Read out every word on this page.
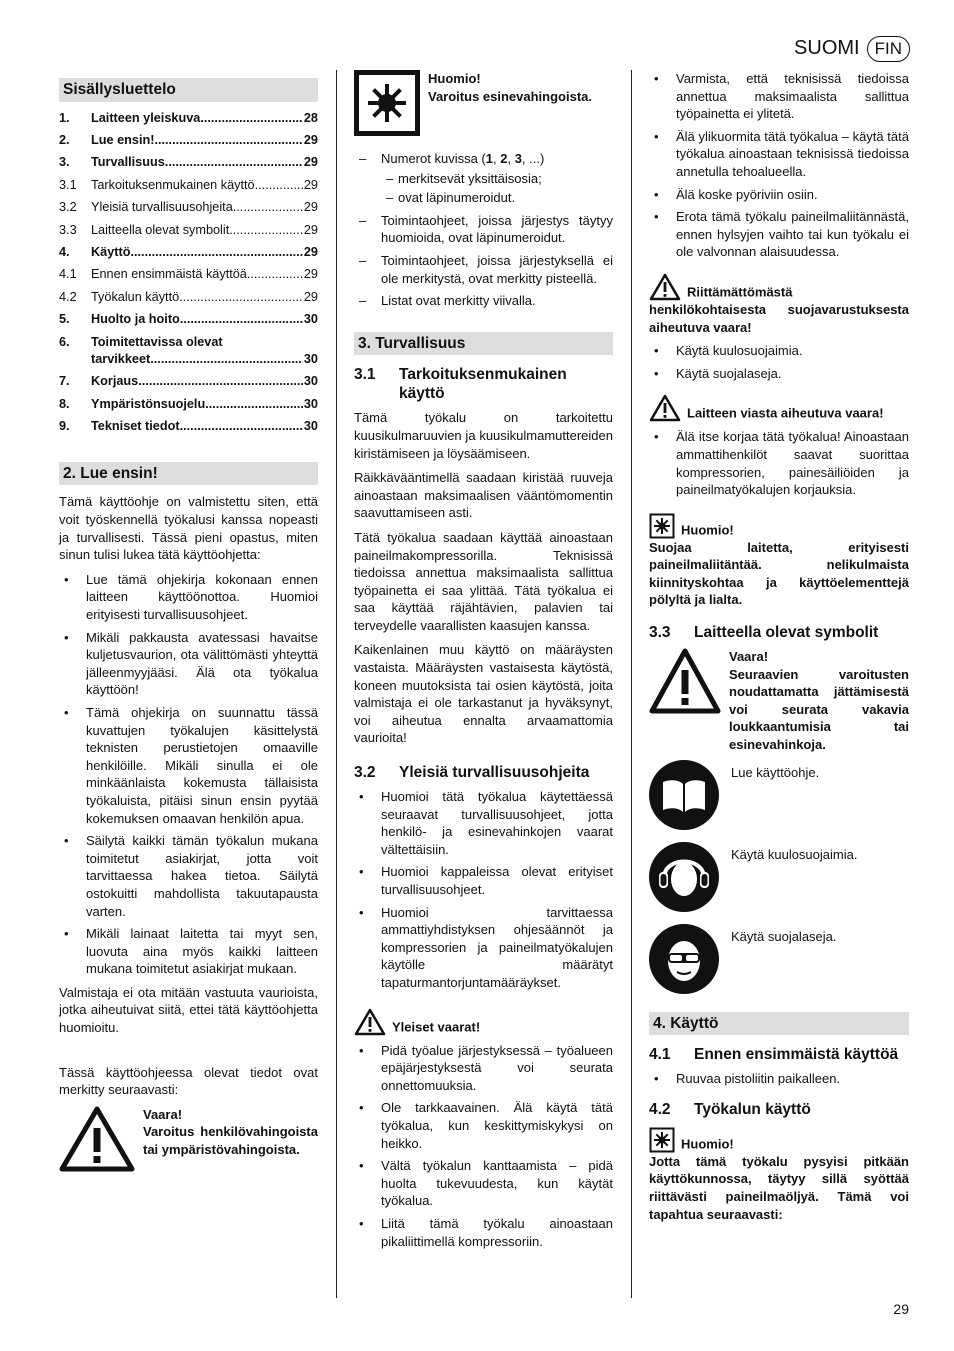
SUOMI FIN
Sisällysluettelo
1.	Laitteen yleiskuva .....	28
2.	Lue ensin! .....	29
3.	Turvallisuus .....	29
3.1	Tarkoituksenmukainen käyttö .....	29
3.2	Yleisiä turvallisuusohjeita .....	29
3.3	Laitteella olevat symbolit .....	29
4.	Käyttö .....	29
4.1	Ennen ensimmäistä käyttöä .....	29
4.2	Työkalun käyttö .....	29
5.	Huolto ja hoito .....	30
6.	Toimitettavissa olevat
tarvikkeet .....	30
7.	Korjaus .....	30
8.	Ympäristönsuojelu .....	30
9.	Tekniset tiedot .....	30
2. Lue ensin!

Tämä käyttöohje on valmistettu siten, että voit työskennellä työkalusi kanssa nopeasti ja turvallisesti. Tässä pieni opastus, miten sinun tulisi lukea tätä käyttöohjetta:

• Lue tämä ohjekirja kokonaan ennen laitteen käyttöönottoa. Huomioi erityisesti turvallisuusohjeet.
• Mikäli pakkausta avatessasi havaitse kuljetusvaurion, ota välittömästi yhteyttä jälleenmyyjääsi. Älä ota työkalua käyttöön!
• Tämä ohjekirja on suunnattu tässä kuvattujen työkalujen käsittelystä teknisten perustietojen omaaville henkilöille. Mikäli sinulla ei ole minkäänlaista kokemusta tällaisista työkaluista, pitäisi sinun ensin pyytää kokemuksen omaavan henkilön apua.
• Säilytä kaikki tämän työkalun mukana toimitetut asiakirjat, jotta voit tarvittaessa hakea tietoa. Säilytä ostokuitti mahdollista takuutapausta varten.
• Mikäli lainaat laitetta tai myyt sen, luovuta aina myös kaikki laitteen mukana toimitetut asiakirjat mukaan.

Valmistaja ei ota mitään vastuuta vaurioista, jotka aiheutuivat siitä, ettei tätä käyttöohjetta huomioitu.

Tässä käyttöohjeessa olevat tiedot ovat merkitty seuraavasti:

Vaara!
Varoitus henkilövahingoista tai ympäristövahingoista.
Huomio!
Varoitus esinevahingoista.
– Numerot kuvissa (1, 2, 3, ...)
– merkitsevät yksittäisosia;
– ovat läpinumeroidut.
– Toimintaohjeet, joissa järjestys täytyy huomioida, ovat läpinumeroidut.
– Toimintaohjeet, joissa järjestyksellä ei ole merkitystä, ovat merkitty pisteellä.
– Listat ovat merkitty viivalla.
3. Turvallisuus
3.1	Tarkoituksenmukainen käyttö

Tämä työkalu on tarkoitettu kuusikulmaruuvien ja kuusikulmamuttereiden kiristämiseen ja löysäämiseen.

Räikkävääntimellä saadaan kiristää ruuveja ainoastaan maksimaalisen vääntömomentin saavuttamiseen asti.

Tätä työkalua saadaan käyttää ainoastaan paineilmakompressorilla. Teknisissä tiedoissa annettua maksimaalista sallittua työpainetta ei saa ylittää. Tätä työkalua ei saa käyttää räjähtävien, palavien tai terveydelle vaarallisten kaasujen kanssa.

Kaikenlainen muu käyttö on määräysten vastaista. Määräysten vastaisesta käytöstä, koneen muutoksista tai osien käytöstä, joita valmistaja ei ole tarkastanut ja hyväksynyt, voi aiheutua ennalta arvaamattomia vaurioita!

3.2	Yleisiä turvallisuusohjeita
• Huomioi tätä työkalua käytettäessä seuraavat turvallisuusohjeet, jotta henkilö- ja esinevahinkojen vaarat vältettäisiin.
• Huomioi kappaleissa olevat erityiset turvallisuusohjeet.
• Huomioi tarvittaessa ammattiyhdistyksen ohjesäännöt ja kompressorien ja paineilmatyökalujen käytölle määrätyt tapaturmantorjuntamääräykset.
Yleiset vaarat!
• Pidä työalue järjestyksessä – työalueen epäjärjestyksestä voi seurata onnettomuuksia.
• Ole tarkkaavainen. Älä käytä tätä työkalua, kun keskittymiskykysi on heikko.
• Vältä työkalun kanttaamista – pidä huolta tukevuudesta, kun käytät työkalua.
• Liitä tämä työkalu ainoastaan pikaliittimellä kompressoriin.
• Varmista, että teknisissä tiedoissa annettua maksimaalista sallittua työpainetta ei ylitetä.
• Älä ylikuormita tätä työkalua – käytä tätä työkalua ainoastaan teknisissä tiedoissa annetulla tehoalueella.
• Älä koske pyöriviin osiin.
• Erota tämä työkalu paineilmaliitännästä, ennen hylsyjen vaihto tai kun työkalu ei ole valvonnan alaisuudessa.
Riittämättömästä henkilökohtaisesta suojavarustuksesta aiheutuva vaara!
• Käytä kuulosuojaimia.
• Käytä suojalaseja.
Laitteen viasta aiheutuva vaara!
• Älä itse korjaa tätä työkalua! Ainoastaan ammattihenkilöt saavat suorittaa kompressorien, painesäiliöiden ja paineilmatyökalujen korjauksia.
Huomio!

Suojaa laitetta, erityisesti paineilmaliitäntää. nelikulmaista kiinnityskohtaa ja käyttöelementtejä pölyltä ja lialta.

3.3	Laitteella olevat symbolit
Vaara!
Seuraavien varoitusten noudattamatta jättämisestä voi seurata vakavia loukkaantumisia tai esinevahinkoja.
Lue käyttöohje.
Käytä kuulosuojaimia.
Käytä suojalaseja.
4. Käyttö
4.1	Ennen ensimmäistä käyttöä
• Ruuvaa pistoliitin paikalleen.
4.2	Työkalun käyttö
Huomio!

Jotta tämä työkalu pysyisi pitkään käyttökunnossa, täytyy sillä syöttää riittävästi paineilmaöljyä. Tämä voi tapahtua seuraavasti:

29
